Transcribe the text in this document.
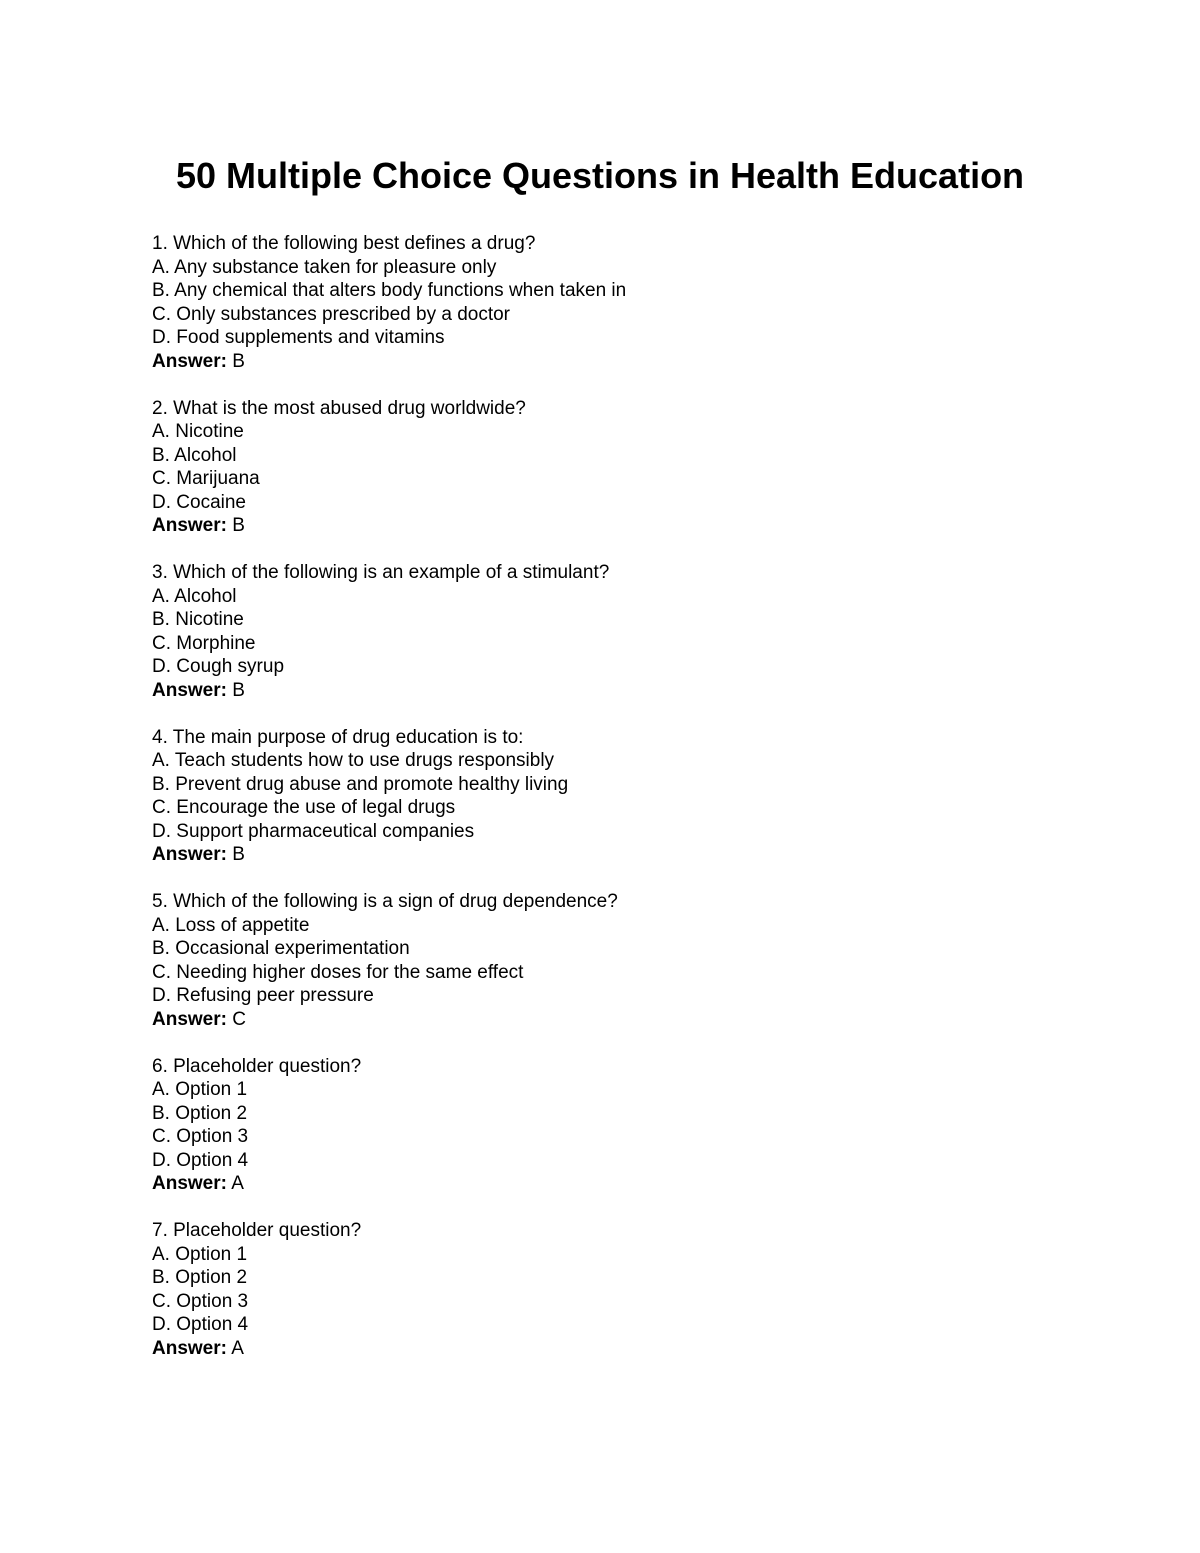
50 Multiple Choice Questions in Health Education

1. Which of the following best defines a drug?

A. Any substance taken for pleasure only

B. Any chemical that alters body functions when taken in

C. Only substances prescribed by a doctor

D. Food supplements and vitamins

Answer: B

2. What is the most abused drug worldwide?

A. Nicotine

B. Alcohol

C. Marijuana

D. Cocaine

Answer: B

3. Which of the following is an example of a stimulant?

A. Alcohol

B. Nicotine

C. Morphine

D. Cough syrup

Answer: B

4. The main purpose of drug education is to:

A. Teach students how to use drugs responsibly

B. Prevent drug abuse and promote healthy living

C. Encourage the use of legal drugs

D. Support pharmaceutical companies

Answer: B

5. Which of the following is a sign of drug dependence?

A. Loss of appetite

B. Occasional experimentation

C. Needing higher doses for the same effect

D. Refusing peer pressure

Answer: C

6. Placeholder question?

A. Option 1

B. Option 2

C. Option 3

D. Option 4

Answer: A

7. Placeholder question?

A. Option 1

B. Option 2

C. Option 3

D. Option 4

Answer: A
